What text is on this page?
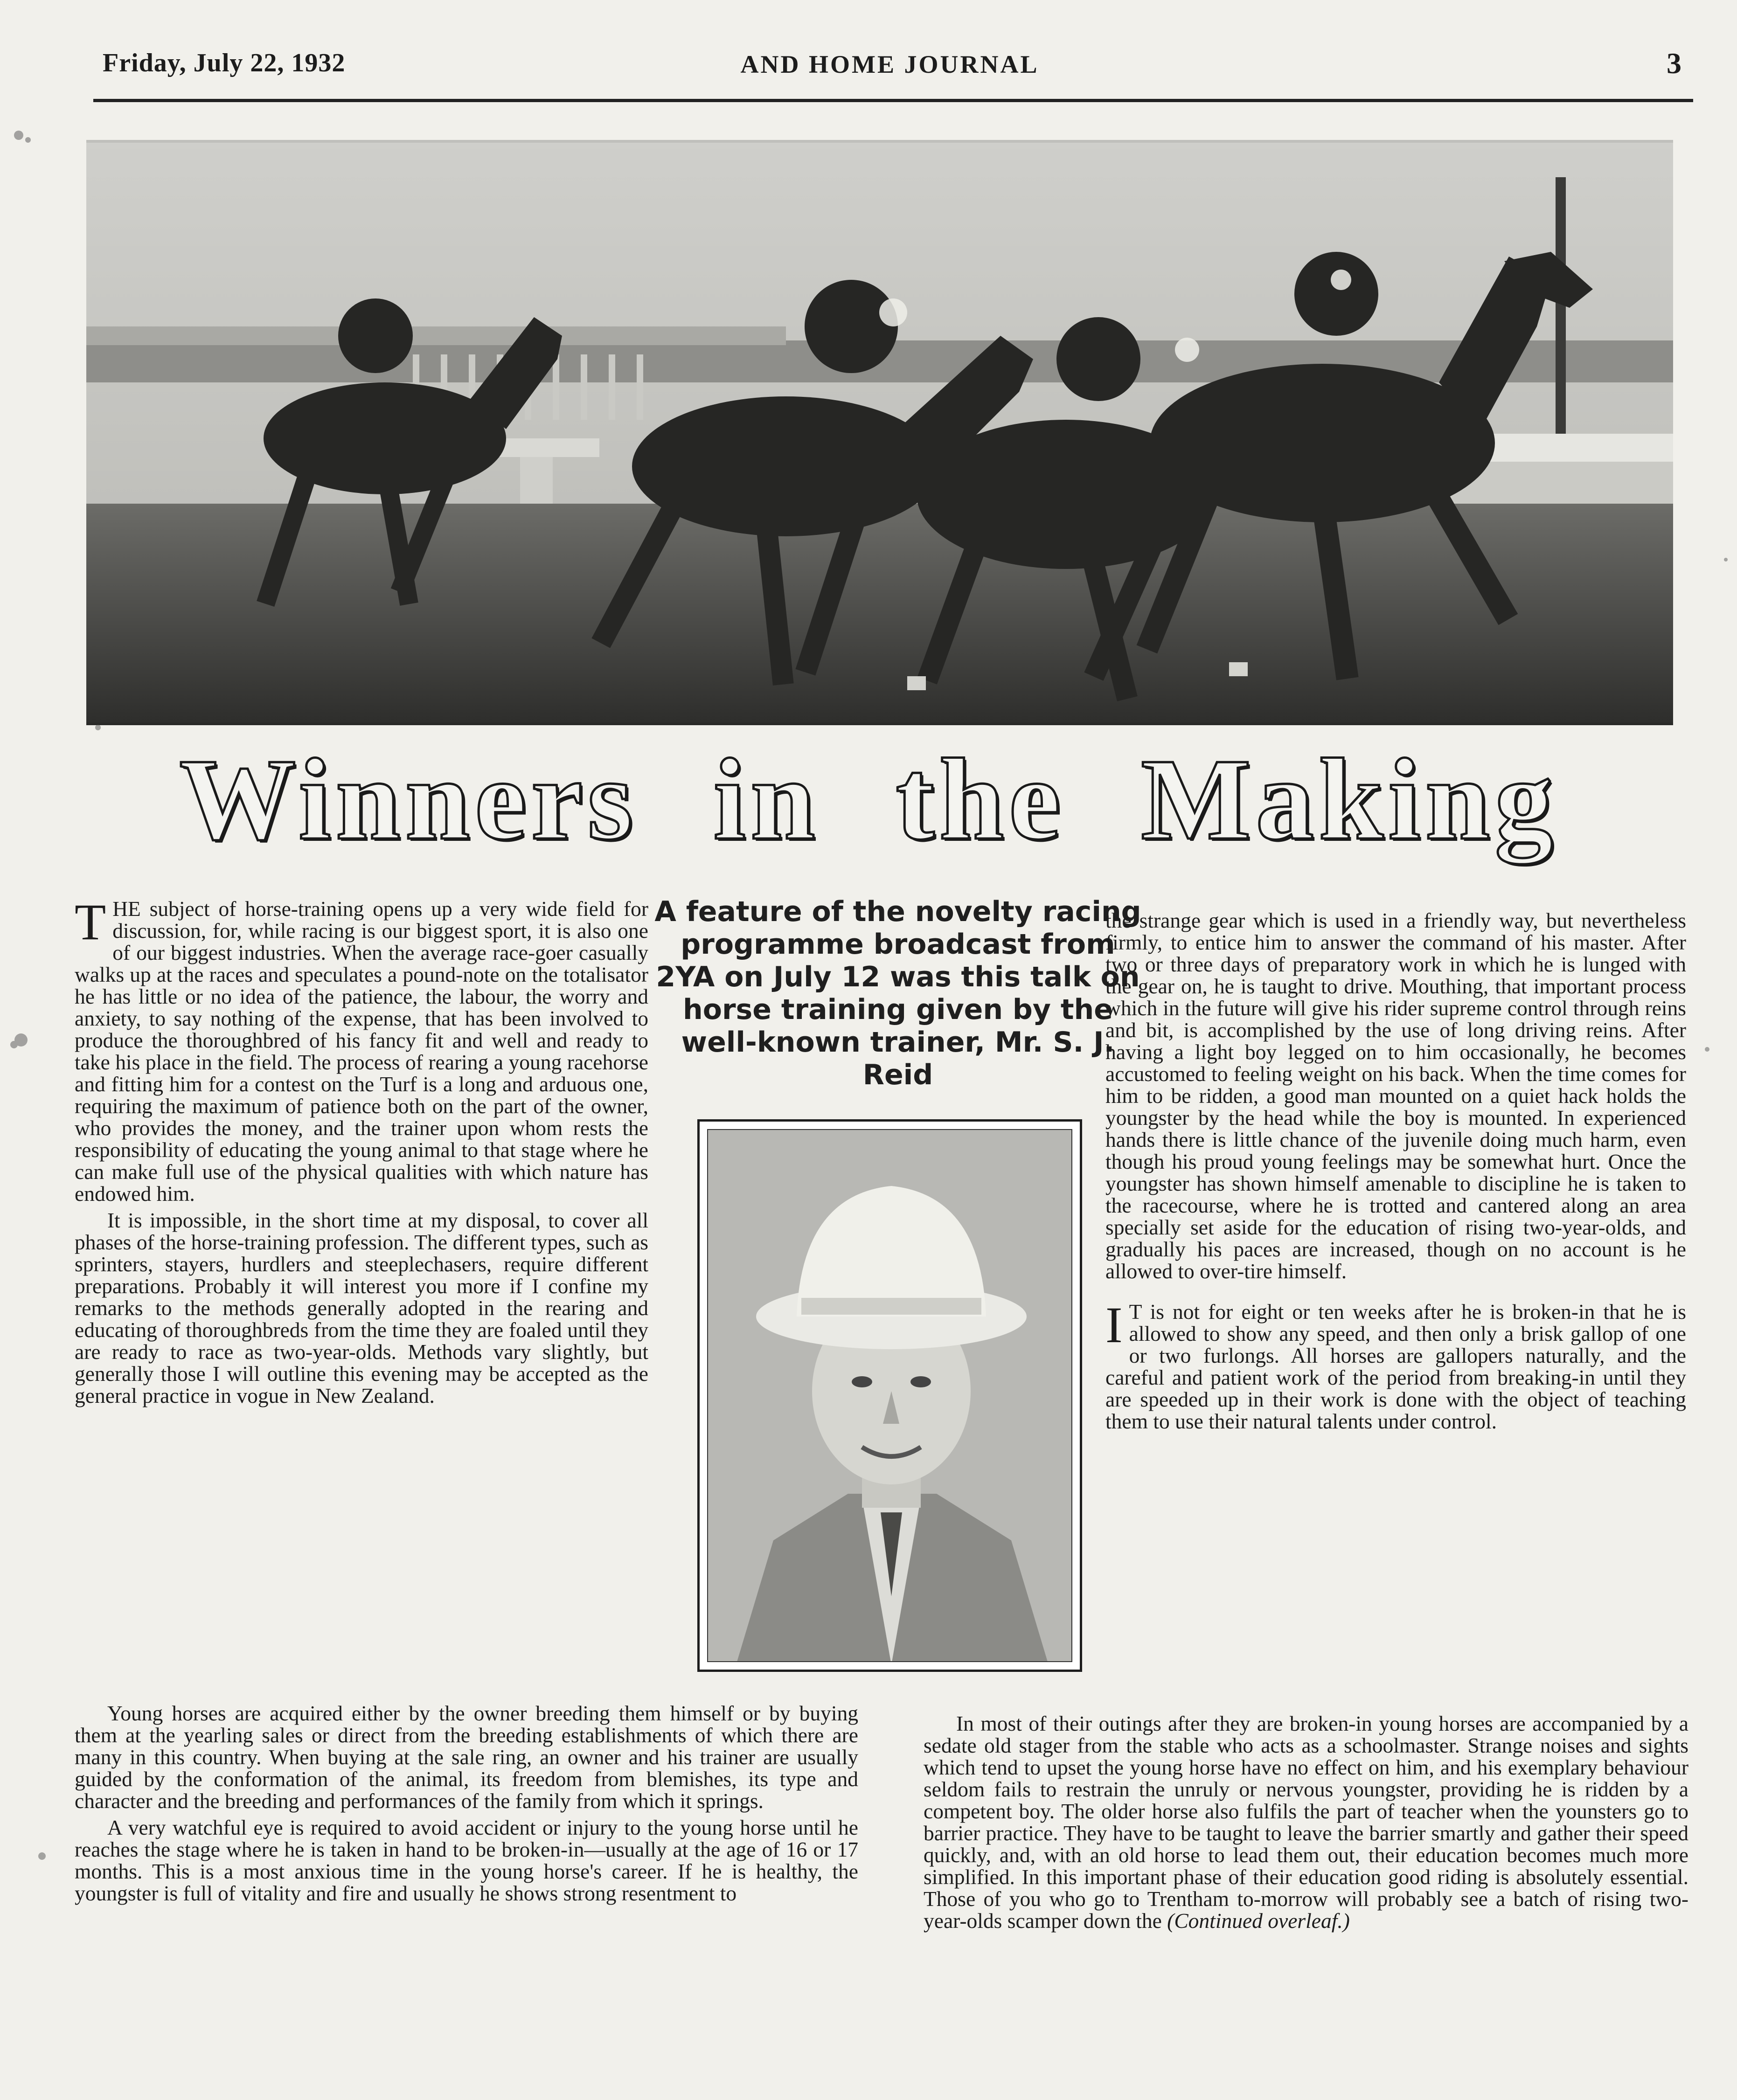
Friday, July 22, 1932	AND HOME JOURNAL	3
Winners in the Making

THE subject of horse-training opens up a very wide field for discussion, for, while racing is our biggest sport, it is also one of our biggest industries. When the average race-goer casually walks up at the races and speculates a pound-note on the totalisator he has little or no idea of the patience, the labour, the worry and anxiety, to say nothing of the expense, that has been involved to produce the thoroughbred of his fancy fit and well and ready to take his place in the field. The process of rearing a young racehorse and fitting him for a contest on the Turf is a long and arduous one, requiring the maximum of patience both on the part of the owner, who provides the money, and the trainer upon whom rests the responsibility of educating the young animal to that stage where he can make full use of the physical qualities with which nature has endowed him.

It is impossible, in the short time at my disposal, to cover all phases of the horse-training profession. The different types, such as sprinters, stayers, hurdlers and steeplechasers, require different preparations. Probably it will interest you more if I confine my remarks to the methods generally adopted in the rearing and educating of thoroughbreds from the time they are foaled until they are ready to race as two-year-olds. Methods vary slightly, but generally those I will outline this evening may be accepted as the general practice in vogue in New Zealand.

A feature of the novelty racing programme broadcast from 2YA on July 12 was this talk on horse training given by the well-known trainer, Mr. S. J. Reid

Young horses are acquired either by the owner breeding them himself or by buying them at the yearling sales or direct from the breeding establishments of which there are many in this country. When buying at the sale ring, an owner and his trainer are usually guided by the conformation of the animal, its freedom from blemishes, its type and character and the breeding and performances of the family from which it springs.

A very watchful eye is required to avoid accident or injury to the young horse until he reaches the stage where he is taken in hand to be broken-in—usually at the age of 16 or 17 months. This is a most anxious time in the young horse's career. If he is healthy, the youngster is full of vitality and fire and usually he shows strong resentment to

the strange gear which is used in a friendly way, but nevertheless firmly, to entice him to answer the command of his master. After two or three days of preparatory work in which he is lunged with the gear on, he is taught to drive. Mouthing, that important process which in the future will give his rider supreme control through reins and bit, is accomplished by the use of long driving reins. After having a light boy legged on to him occasionally, he becomes accustomed to feeling weight on his back. When the time comes for him to be ridden, a good man mounted on a quiet hack holds the youngster by the head while the boy is mounted. In experienced hands there is little chance of the juvenile doing much harm, even though his proud young feelings may be somewhat hurt. Once the youngster has shown himself amenable to discipline he is taken to the racecourse, where he is trotted and cantered along an area specially set aside for the education of rising two-year-olds, and gradually his paces are increased, though on no account is he allowed to over-tire himself.

I T is not for eight or ten weeks after he is broken-in that he is allowed to show any speed, and then only a brisk gallop of one or two furlongs. All horses are gallopers naturally, and the careful and patient work of the period from breaking-in until they are speeded up in their work is done with the object of teaching them to use their natural talents under control.

In most of their outings after they are broken-in young horses are accompanied by a sedate old stager from the stable who acts as a schoolmaster. Strange noises and sights which tend to upset the young horse have no effect on him, and his exemplary behaviour seldom fails to restrain the unruly or nervous youngster, providing he is ridden by a competent boy. The older horse also fulfils the part of teacher when the younsters go to barrier practice. They have to be taught to leave the barrier smartly and gather their speed quickly, and, with an old horse to lead them out, their education becomes much more simplified. In this important phase of their education good riding is absolutely essential. Those of you who go to Trentham to-morrow will probably see a batch of rising two-year-olds scamper down the (Continued overleaf.)
